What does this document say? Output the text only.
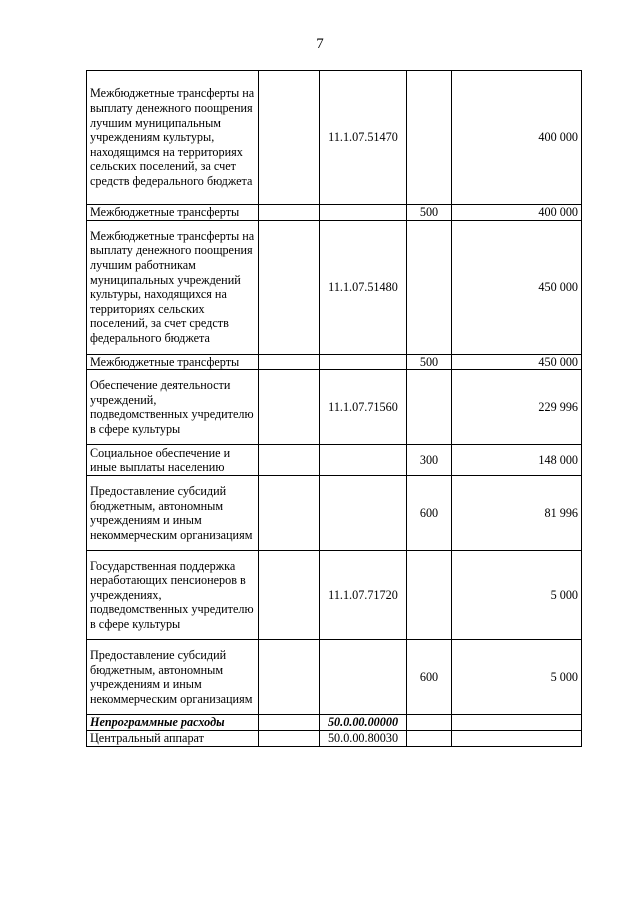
7
Межбюджетные трансферты на выплату денежного поощрения лучшим муниципальным учреждениям культуры, находящимся на территориях сельских поселений, за счет средств федерального бюджета		11.1.07.51470		400 000
Межбюджетные трансферты			500	400 000
Межбюджетные трансферты на выплату денежного поощрения лучшим работникам муниципальных учреждений культуры, находящихся на территориях сельских поселений, за счет средств федерального бюджета		11.1.07.51480		450 000
Межбюджетные трансферты			500	450 000
Обеспечение деятельности учреждений, подведомственных учредителю в сфере культуры		11.1.07.71560		229 996
Социальное обеспечение и иные выплаты населению			300	148 000
Предоставление субсидий бюджетным, автономным учреждениям и иным некоммерческим организациям			600	81 996
Государственная поддержка неработающих пенсионеров в учреждениях, подведомственных учредителю в сфере культуры		11.1.07.71720		5 000
Предоставление субсидий бюджетным, автономным учреждениям и иным некоммерческим организациям			600	5 000
Непрограммные расходы		50.0.00.00000		
Центральный аппарат		50.0.00.80030		
